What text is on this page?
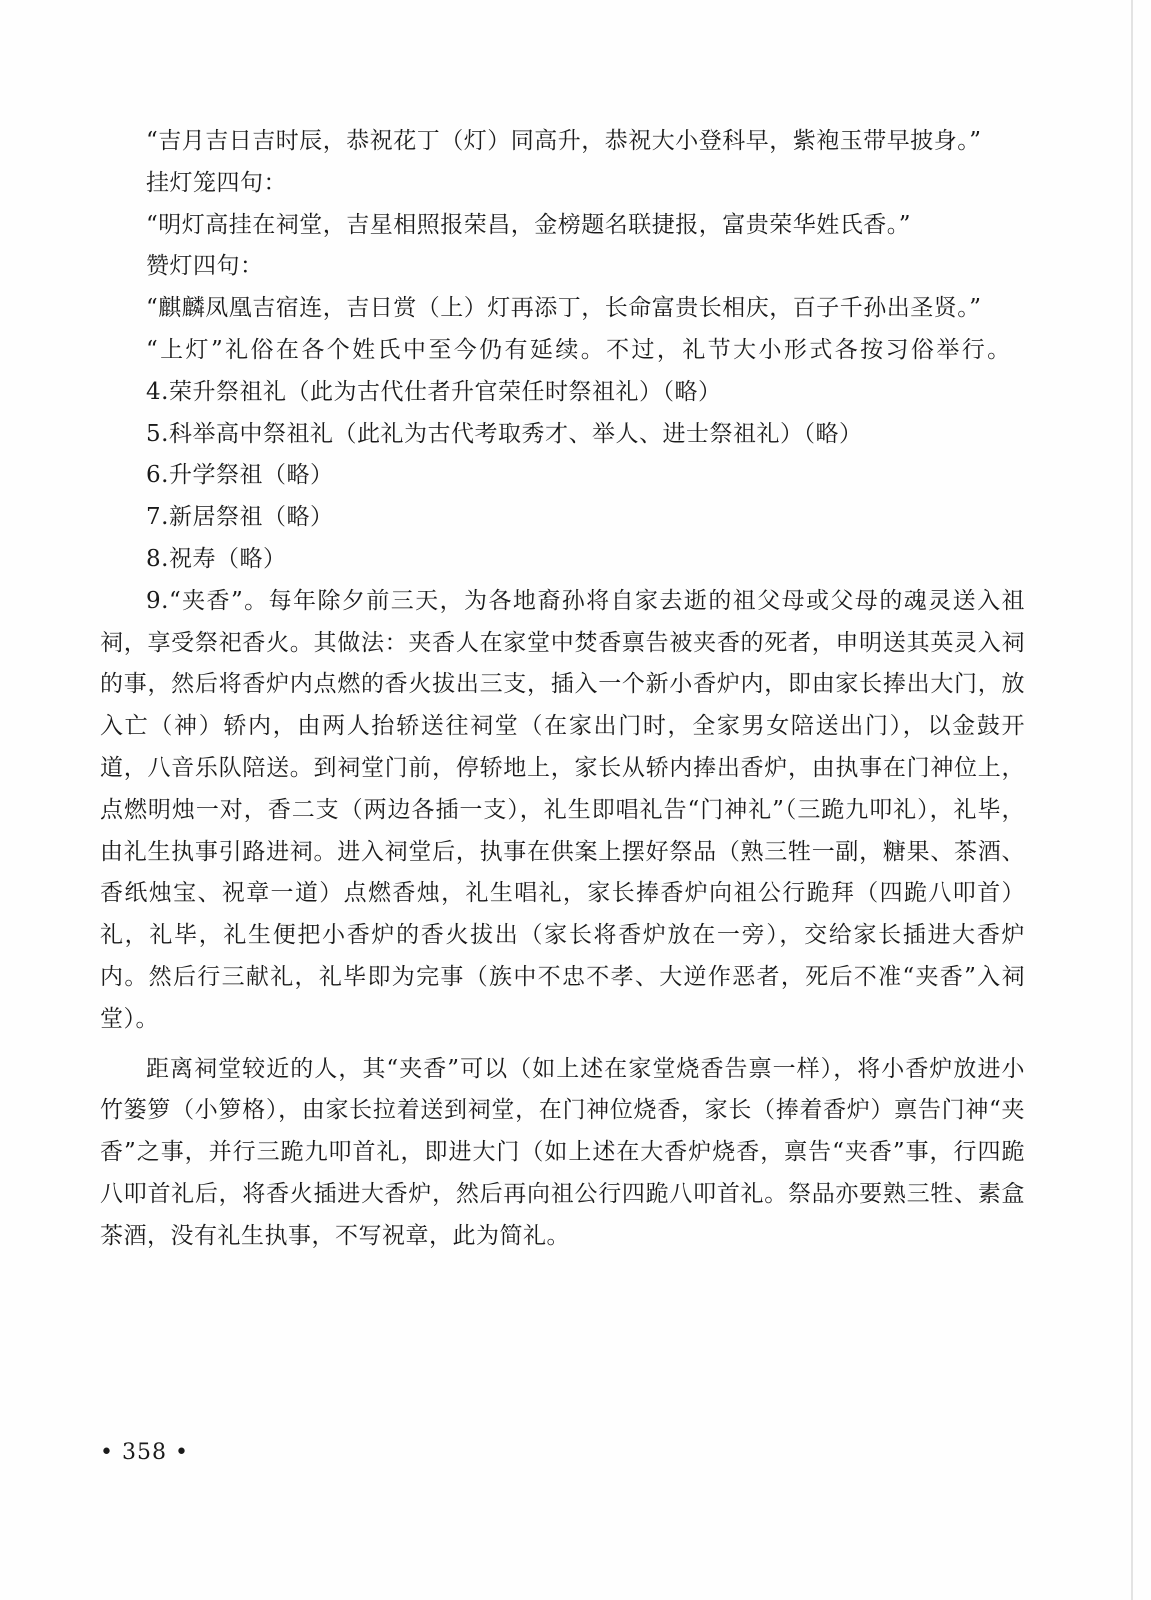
“吉月吉日吉时辰，恭祝花丁（灯）同高升，恭祝大小登科早，紫袍玉带早披身。”

挂灯笼四句：

“明灯高挂在祠堂，吉星相照报荣昌，金榜题名联捷报，富贵荣华姓氏香。”

赞灯四句：

“麒麟凤凰吉宿连，吉日赏（上）灯再添丁，长命富贵长相庆，百子千孙出圣贤。”

“上灯”礼俗在各个姓氏中至今仍有延续。不过，礼节大小形式各按习俗举行。

4.荣升祭祖礼（此为古代仕者升官荣任时祭祖礼）（略）

5.科举高中祭祖礼（此礼为古代考取秀才、举人、进士祭祖礼）（略）

6.升学祭祖（略）

7.新居祭祖（略）

8.祝寿（略）

9.“夹香”。每年除夕前三天，为各地裔孙将自家去逝的祖父母或父母的魂灵送入祖祠，享受祭祀香火。其做法：夹香人在家堂中焚香禀告被夹香的死者，申明送其英灵入祠的事，然后将香炉内点燃的香火拔出三支，插入一个新小香炉内，即由家长捧出大门，放入亡（神）轿内，由两人抬轿送往祠堂（在家出门时，全家男女陪送出门），以金鼓开道，八音乐队陪送。到祠堂门前，停轿地上，家长从轿内捧出香炉，由执事在门神位上，点燃明烛一对，香二支（两边各插一支），礼生即唱礼告“门神礼”（三跪九叩礼），礼毕，由礼生执事引路进祠。进入祠堂后，执事在供案上摆好祭品（熟三牲一副，糖果、茶酒、香纸烛宝、祝章一道）点燃香烛，礼生唱礼，家长捧香炉向祖公行跪拜（四跪八叩首）礼，礼毕，礼生便把小香炉的香火拔出（家长将香炉放在一旁），交给家长插进大香炉内。然后行三献礼，礼毕即为完事（族中不忠不孝、大逆作恶者，死后不准“夹香”入祠堂）。

距离祠堂较近的人，其“夹香”可以（如上述在家堂烧香告禀一样），将小香炉放进小竹篓箩（小箩格），由家长拉着送到祠堂，在门神位烧香，家长（捧着香炉）禀告门神“夹香”之事，并行三跪九叩首礼，即进大门（如上述在大香炉烧香，禀告“夹香”事，行四跪八叩首礼后，将香火插进大香炉，然后再向祖公行四跪八叩首礼。祭品亦要熟三牲、素盒茶酒，没有礼生执事，不写祝章，此为简礼。

• 358 •
